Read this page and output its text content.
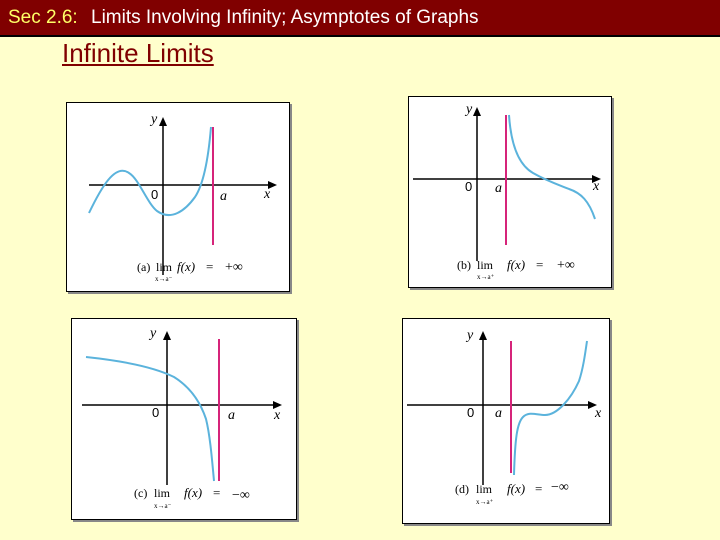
Sec 2.6: Limits Involving Infinity; Asymptotes of Graphs
Infinite Limits
y
x
0	a
(a) lim
x→a⁻
f(x) = +∞
y
x
0 a
(b) lim
x→a⁺
f(x) = +∞
y
x
0	a
(c) lim
x→a⁻
f(x) = −∞
y
x
0 a
(d) lim
x→a⁺
f(x) = −∞
